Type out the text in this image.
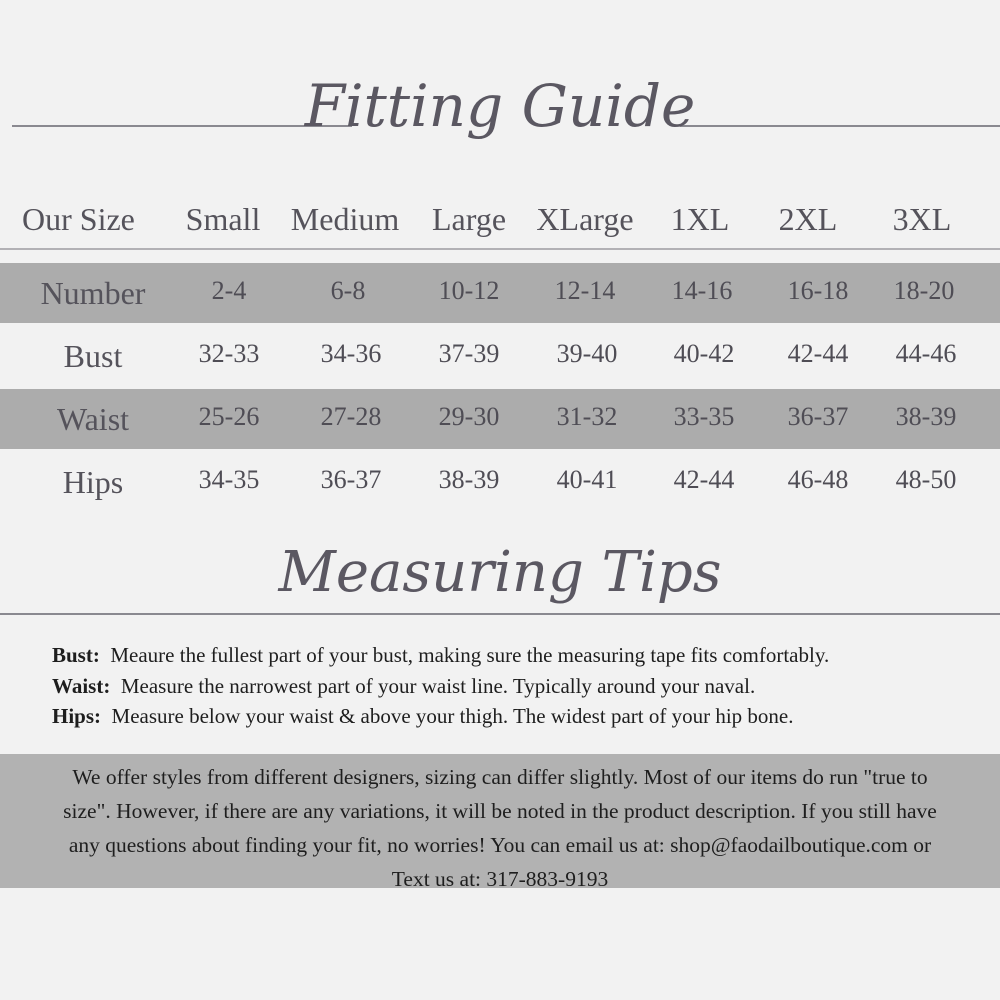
Fitting Guide
Our Size Small Medium Large XLarge 1XL 2XL 3XL
Number	2-4	6-8	10-12 12-14 14-16 16-18 18-20
Bust	32-33 34-36 37-39 39-40 40-42 42-44 44-46
Waist	25-26 27-28 29-30 31-32 33-35 36-37 38-39
Hips	34-35 36-37 38-39 40-41 42-44 46-48 48-50
Measuring Tips
Bust: Meaure the fullest part of your bust, making sure the measuring tape fits comfortably.
Waist: Measure the narrowest part of your waist line. Typically around your naval.
Hips: Measure below your waist & above your thigh. The widest part of your hip bone.
We offer styles from different designers, sizing can differ slightly. Most of our items do run "true to
size". However, if there are any variations, it will be noted in the product description. If you still have
any questions about finding your fit, no worries! You can email us at: shop@faodailboutique.com or
Text us at: 317-883-9193
